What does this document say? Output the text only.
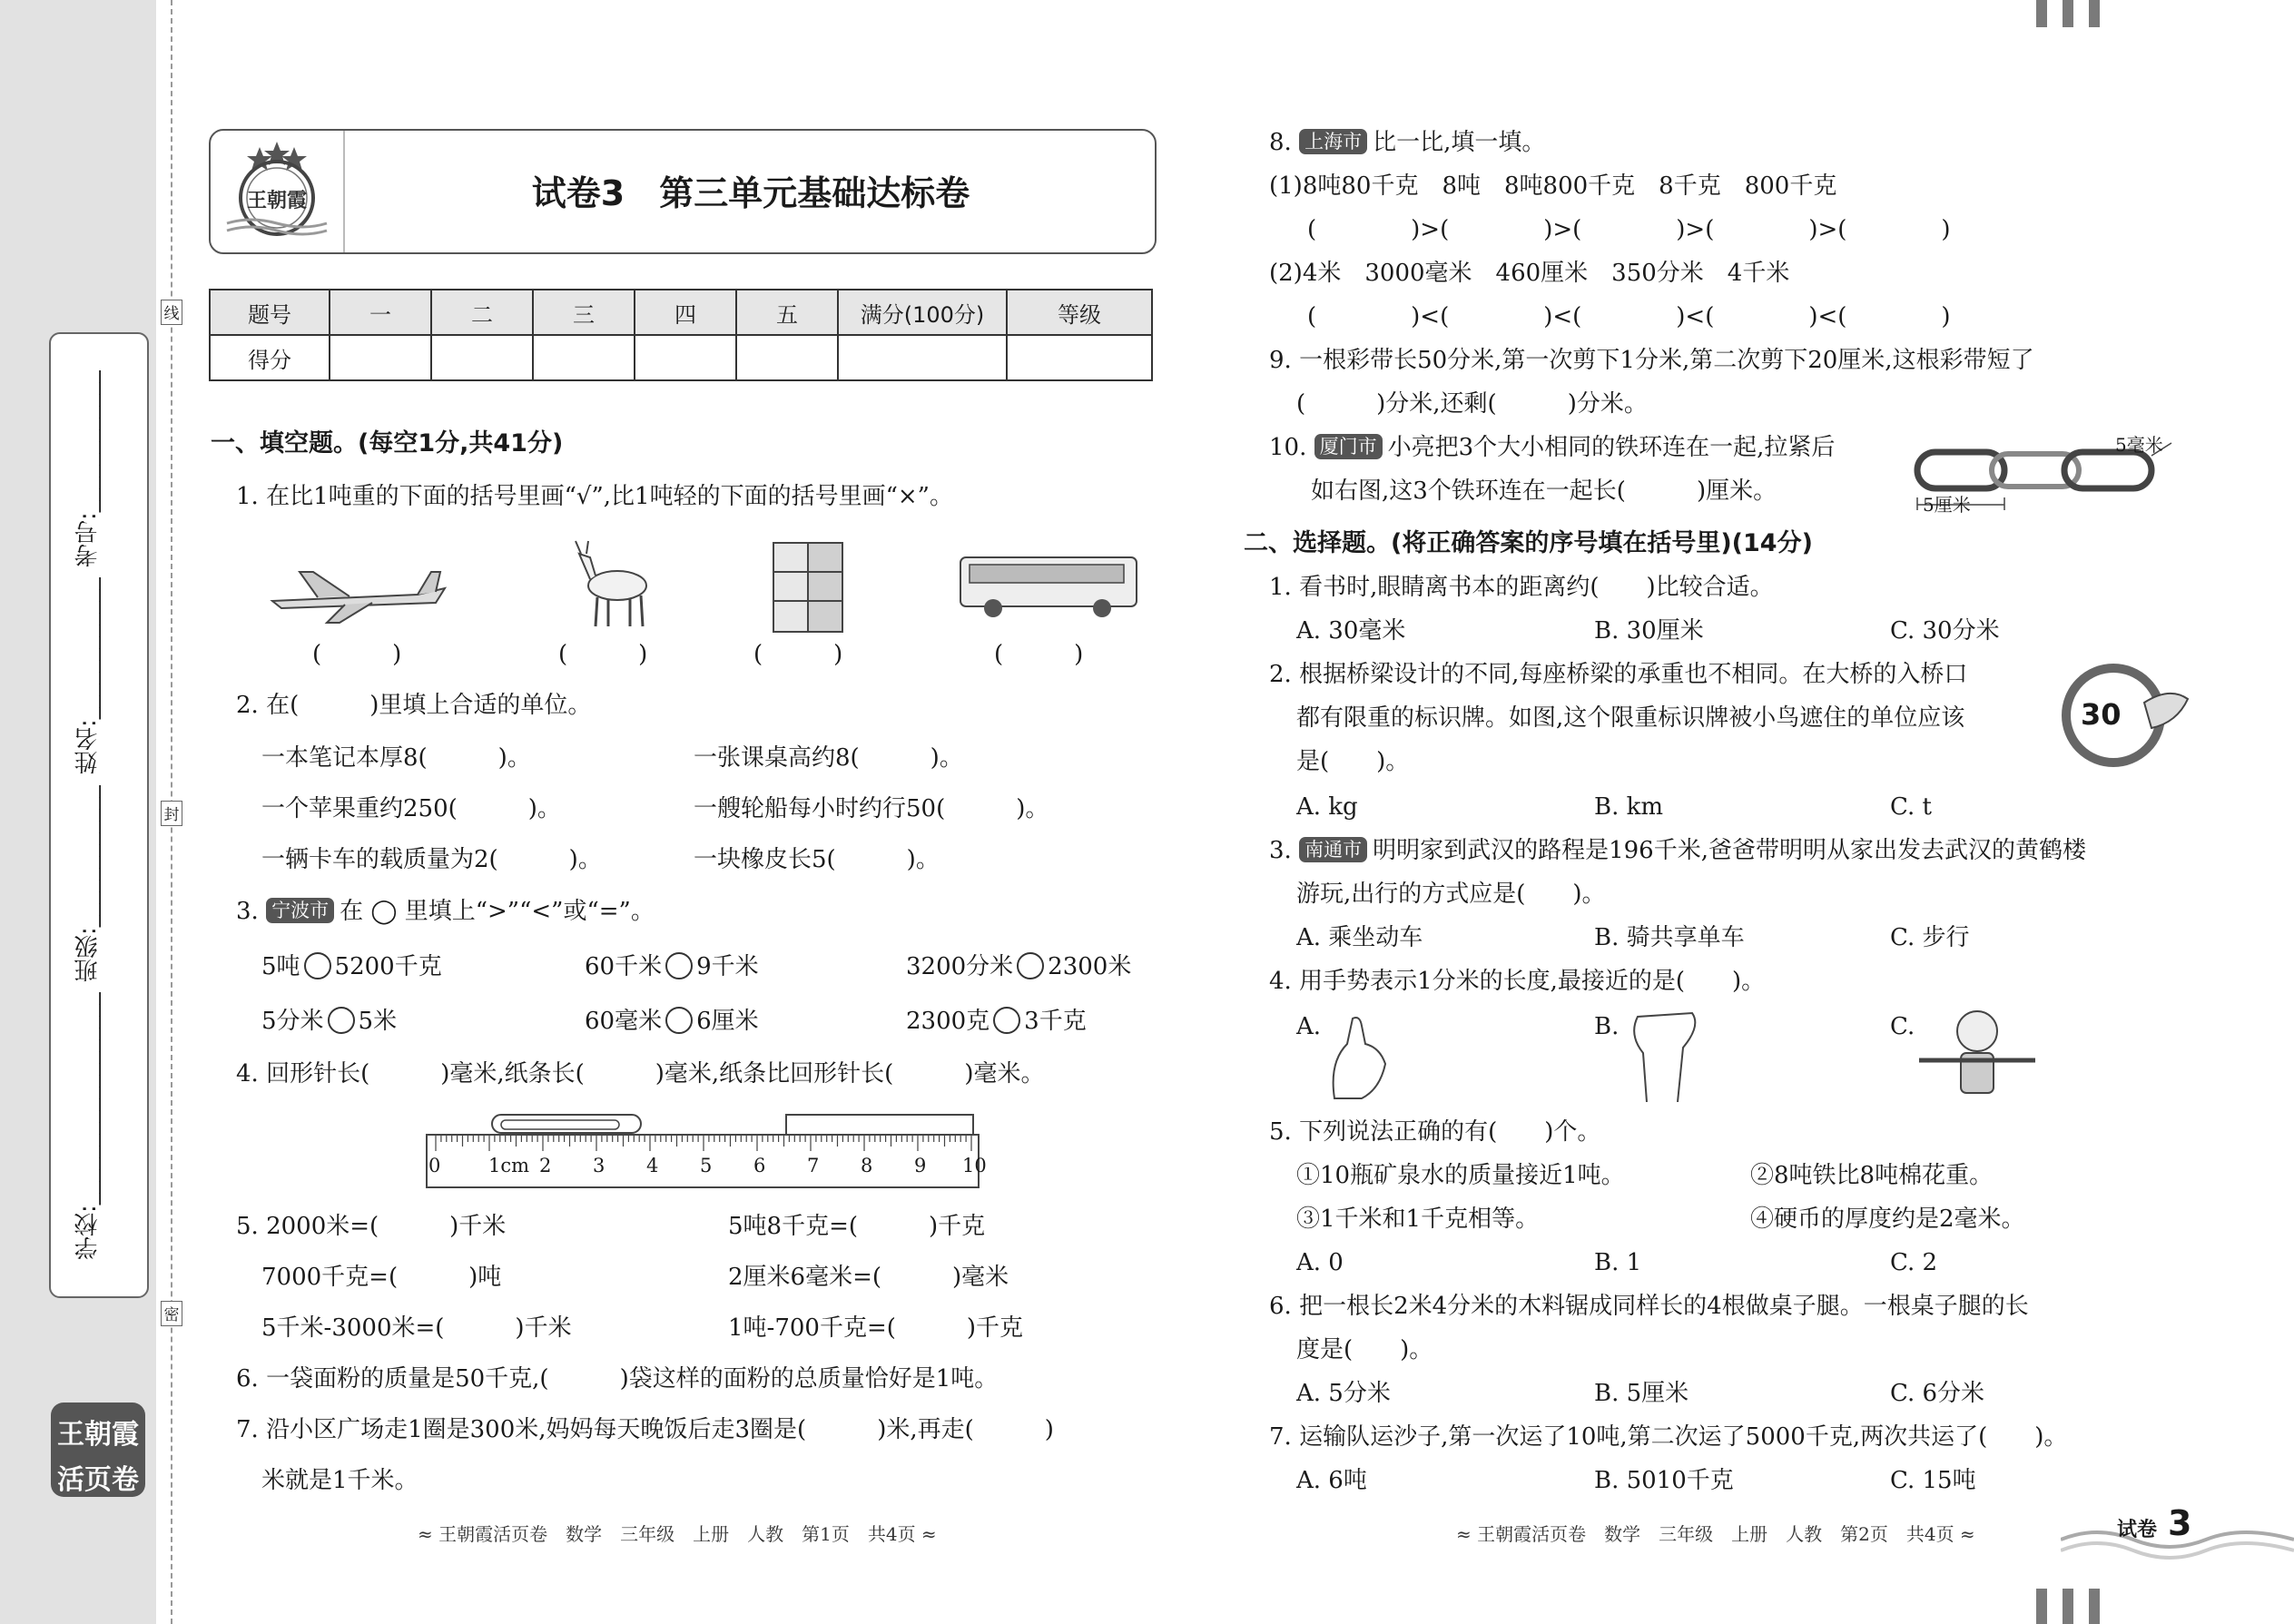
学校:__________________
班级:____________
姓名:____________
考号:____________
线
封
密
王朝霞
活页卷
王朝霞	试卷3　第三单元基础达标卷
题号	一	二	三	四	五	满分(100分)	等级
得分							
一、填空题。(每空1分,共41分)
1. 在比1吨重的下面的括号里画“√”,比1吨轻的下面的括号里画“×”。
(　　　)	(　　　)	(　　　)	(　　　)
2. 在(　　　)里填上合适的单位。
一本笔记本厚8(　　　)。	一张课桌高约8(　　　)。
一个苹果重约250(　　　)。	一艘轮船每小时约行50(　　　)。
一辆卡车的载质量为2(　　　)。	一块橡皮长5(　　　)。
3. 宁波市 在 ◯ 里填上“>”“<”或“=”。
5吨 5200千克	60千米 9千米	3200分米 2300米
5分米 5米	60毫米 6厘米	2300克 3千克
4. 回形针长(　　　)毫米,纸条长(　　　)毫米,纸条比回形针长(　　　)毫米。
0	1cm 2 3 4 5 6 7 8 9 10
5. 2000米=(　　　)千米	5吨8千克=(　　　)千克
7000千克=(　　　)吨	2厘米6毫米=(　　　)毫米
5千米-3000米=(　　　)千米	1吨-700千克=(　　　)千克
6. 一袋面粉的质量是50千克,(　　　)袋这样的面粉的总质量恰好是1吨。
7. 沿小区广场走1圈是300米,妈妈每天晚饭后走3圈是(　　　)米,再走(　　　)
米就是1千米。
≈ 王朝霞活页卷　数学　三年级　上册　人教　第1页　共4页 ≈
8. 上海市 比一比,填一填。
(1)8吨80千克　8吨　8吨800千克　8千克　800千克
(　　　　)>(　　　　)>(　　　　)>(　　　　)>(　　　　)
(2)4米　3000毫米　460厘米　350分米　4千米
(　　　　)<(　　　　)<(　　　　)<(　　　　)<(　　　　)
9. 一根彩带长50分米,第一次剪下1分米,第二次剪下20厘米,这根彩带短了
(　　　)分米,还剩(　　　)分米。
10. 厦门市 小亮把3个大小相同的铁环连在一起,拉紧后
如右图,这3个铁环连在一起长(　　　)厘米。
5毫米
5厘米
二、选择题。(将正确答案的序号填在括号里)(14分)
1. 看书时,眼睛离书本的距离约(　　)比较合适。
A. 30毫米	B. 30厘米	C. 30分米
2. 根据桥梁设计的不同,每座桥梁的承重也不相同。在大桥的入桥口
都有限重的标识牌。如图,这个限重标识牌被小鸟遮住的单位应该
是(　　)。
30
A. kg	B. km	C. t
3. 南通市 明明家到武汉的路程是196千米,爸爸带明明从家出发去武汉的黄鹤楼
游玩,出行的方式应是(　　)。
A. 乘坐动车	B. 骑共享单车	C. 步行
4. 用手势表示1分米的长度,最接近的是(　　)。
A.	B.	C.
5. 下列说法正确的有(　　)个。
①10瓶矿泉水的质量接近1吨。	②8吨铁比8吨棉花重。
③1千米和1千克相等。	④硬币的厚度约是2毫米。
A. 0	B. 1	C. 2
6. 把一根长2米4分米的木料锯成同样长的4根做桌子腿。一根桌子腿的长
度是(　　)。
A. 5分米	B. 5厘米	C. 6分米
7. 运输队运沙子,第一次运了10吨,第二次运了5000千克,两次共运了(　　)。
A. 6吨	B. 5010千克	C. 15吨
≈ 王朝霞活页卷　数学　三年级　上册　人教　第2页　共4页 ≈	试卷 3
